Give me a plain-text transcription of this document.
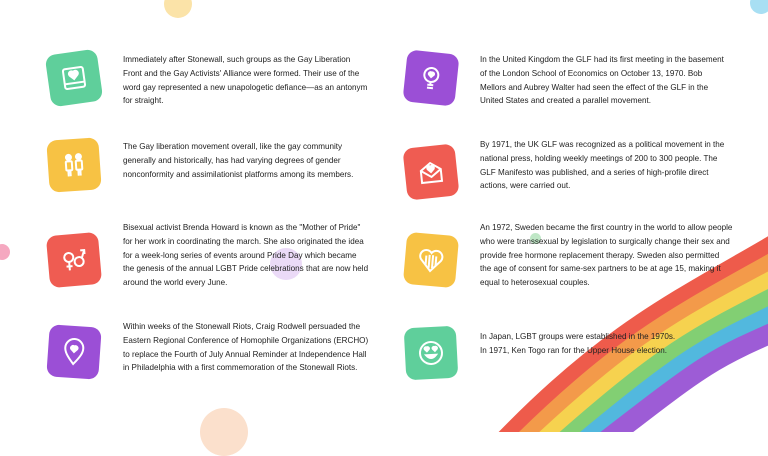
Immediately after Stonewall, such groups as the Gay Liberation
Front and the Gay Activists' Alliance were formed. Their use of the
word gay represented a new unapologetic defiance—as an antonym
for straight.
The Gay liberation movement overall, like the gay community
generally and historically, has had varying degrees of gender
nonconformity and assimilationist platforms among its members.
Bisexual activist Brenda Howard is known as the "Mother of Pride"
for her work in coordinating the march. She also originated the idea
for a week-long series of events around Pride Day which became
the genesis of the annual LGBT Pride celebrations that are now held
around the world every June.
Within weeks of the Stonewall Riots, Craig Rodwell persuaded the
Eastern Regional Conference of Homophile Organizations (ERCHO)
to replace the Fourth of July Annual Reminder at Independence Hall
in Philadelphia with a first commemoration of the Stonewall Riots.
In the United Kingdom the GLF had its first meeting in the basement
of the London School of Economics on October 13, 1970. Bob
Mellors and Aubrey Walter had seen the effect of the GLF in the
United States and created a parallel movement.
By 1971, the UK GLF was recognized as a political movement in the
national press, holding weekly meetings of 200 to 300 people. The
GLF Manifesto was published, and a series of high-profile direct
actions, were carried out.
An 1972, Sweden became the first country in the world to allow people
who were transsexual by legislation to surgically change their sex and
provide free hormone replacement therapy. Sweden also permitted
the age of consent for same-sex partners to be at age 15, making it
equal to heterosexual couples.
In Japan, LGBT groups were established in the 1970s.
In 1971, Ken Togo ran for the Upper House election.
